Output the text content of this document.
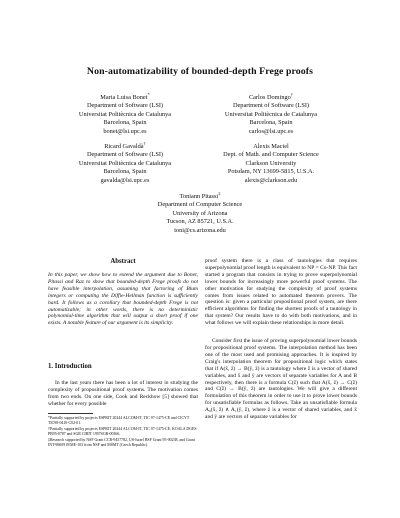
Non-automatizability of bounded-depth Frege proofs
Maria Luisa Bonet*
Department of Software (LSI)
Universitat Politècnica de Catalunya
Barcelona, Spain
bonet@lsi.upc.es
Carlos Domingo†
Department of Software (LSI)
Universitat Politècnica de Catalunya
Barcelona, Spain
carlos@lsi.upc.es
Ricard Gavaldà†
Department of Software (LSI)
Universitat Politècnica de Catalunya
Barcelona, Spain
gavalda@lsi.upc.es
Alexis Maciel
Dept. of Math. and Computer Science
Clarkson University
Potsdam, NY 13699-5815, U.S.A.
alexis@clarkson.edu
Toniann Pitassi‡
Department of Computer Science
University of Arizona
Tucson, AZ 85721, U.S.A.
toni@cs.arizona.edu
Abstract
In this paper, we show how to extend the argument due to Bonet, Pitassi and Raz to show that bounded-depth Frege proofs do not have feasible interpolation, assuming that factoring of Blum integers or computing the Diffie-Hellman function is sufficiently hard. It follows as a corollary that bounded-depth Frege is not automatizable; in other words, there is no deterministic polynomial-time algorithm that will output a short proof if one exists. A notable feature of our argument is its simplicity.
1. Introduction
In the last years there has been a lot of interest in studying the complexity of propositional proof systems. The motivation comes from two ends. On one side, Cook and Reckhow [5] showed that whether for every possible

*Partially supported by projects ESPRIT 20244 ALCOM-IT, TIC 97-1475-CE and CICYT TIC98-0410-C02-01.

†Partially supported by projects ESPRIT 20244 ALCOM-IT, TIC 97-1475-CE, KOALA DGES PB95-0787 and SGR CIRIT 1997SGR-00366.

‡Research supported by NSF Grant CCR-9457782, US-Israel BSF Grant 95-00238, and Grant INT-9600919/ME-103 from NSF and MŠMT (Czech Republic).

proof system there is a class of tautologies that requires superpolynomial proof length is equivalent to NP = Co-NP. This fact started a program that consists in trying to prove superpolynomial lower bounds for increasingly more powerful proof systems. The other motivation for studying the complexity of proof systems comes from issues related to automated theorem provers. The question is: given a particular propositional proof system, are there efficient algorithms for finding the shortest proofs of a tautology in that system? Our results have to do with both motivations, and in what follows we will explain these relationships in more detail.

Consider first the issue of proving superpolynomial lower bounds for propositional proof systems. The interpolation method has been one of the most used and promising approaches. It is inspired by Craig's interpolation theorem for propositional logic which states that if A(x̄, z̄) → B(ȳ, z̄) is a tautology where z̄ is a vector of shared variables, and x̄ and ȳ are vectors of separate variables for A and B respectively, then there is a formula C(z̄) such that A(x̄, z̄) → C(z̄) and C(z̄) → B(ȳ, z̄) are tautologies. We will give a different formulation of this theorem in order to use it to prove lower bounds for unsatisfiable formulas as follows. Take an unsatisfiable formula A₀(x̄, z̄) ∧ A₁(ȳ, z̄), where z̄ is a vector of shared variables, and x̄ and ȳ are vectors of separate variables for
